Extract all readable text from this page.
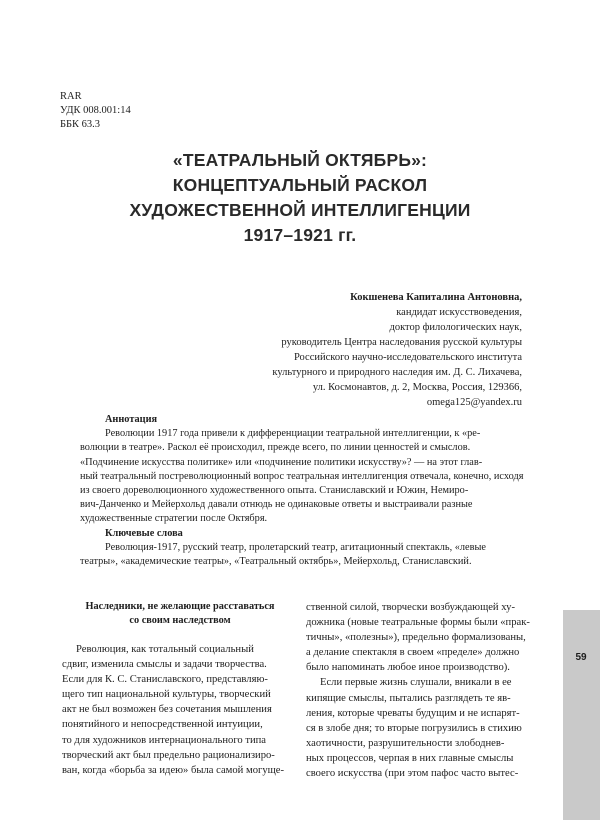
59
RAR
УДК 008.001:14
ББК 63.3
«ТЕАТРАЛЬНЫЙ ОКТЯБРЬ»:
КОНЦЕПТУАЛЬНЫЙ РАСКОЛ
ХУДОЖЕСТВЕННОЙ ИНТЕЛЛИГЕНЦИИ
1917–1921 гг.
Кокшенева Капиталина Антоновна,
кандидат искусствоведения,
доктор филологических наук,
руководитель Центра наследования русской культуры
Российского научно-исследовательского института
культурного и природного наследия им. Д. С. Лихачева,
ул. Космонавтов, д. 2, Москва, Россия, 129366,
omega125@yandex.ru
Аннотация
Революции 1917 года привели к дифференциации театральной интеллигенции, к «ре-
волюции в театре». Раскол её происходил, прежде всего, по линии ценностей и смыслов.
«Подчинение искусства политике» или «подчинение политики искусству»? — на этот глав-
ный театральный постреволюционный вопрос театральная интеллигенция отвечала, конечно, исходя
из своего дореволюционного художественного опыта. Станиславский и Южин, Немиро-
вич-Данченко и Мейерхольд давали отнюдь не одинаковые ответы и выстраивали разные
художественные стратегии после Октября.
Ключевые слова
Революция-1917, русский театр, пролетарский театр, агитационный спектакль, «левые
театры», «академические театры», «Театральный октябрь», Мейерхольд, Станиславский.
Наследники, не желающие расставаться
со своим наследством
Революция, как тотальный социальный
сдвиг, изменила смыслы и задачи творчества.
Если для К. С. Станиславского, представляю-
щего тип национальной культуры, творческий
акт не был возможен без сочетания мышления
понятийного и непосредственной интуиции,
то для художников интернационального типа
творческий акт был предельно рационализиро-
ван, когда «борьба за идею» была самой могуще-
ственной силой, творчески возбуждающей ху-
дожника (новые театральные формы были «прак-
тичны», «полезны»), предельно формализованы,
а делание спектакля в своем «пределе» должно
было напоминать любое иное производство).
Если первые жизнь слушали, вникали в ее
кипящие смыслы, пытались разглядеть те яв-
ления, которые чреваты будущим и не испарят-
ся в злобе дня; то вторые погрузились в стихию
хаотичности, разрушительности злободнев-
ных процессов, черпая в них главные смыслы
своего искусства (при этом пафос часто вытес-
